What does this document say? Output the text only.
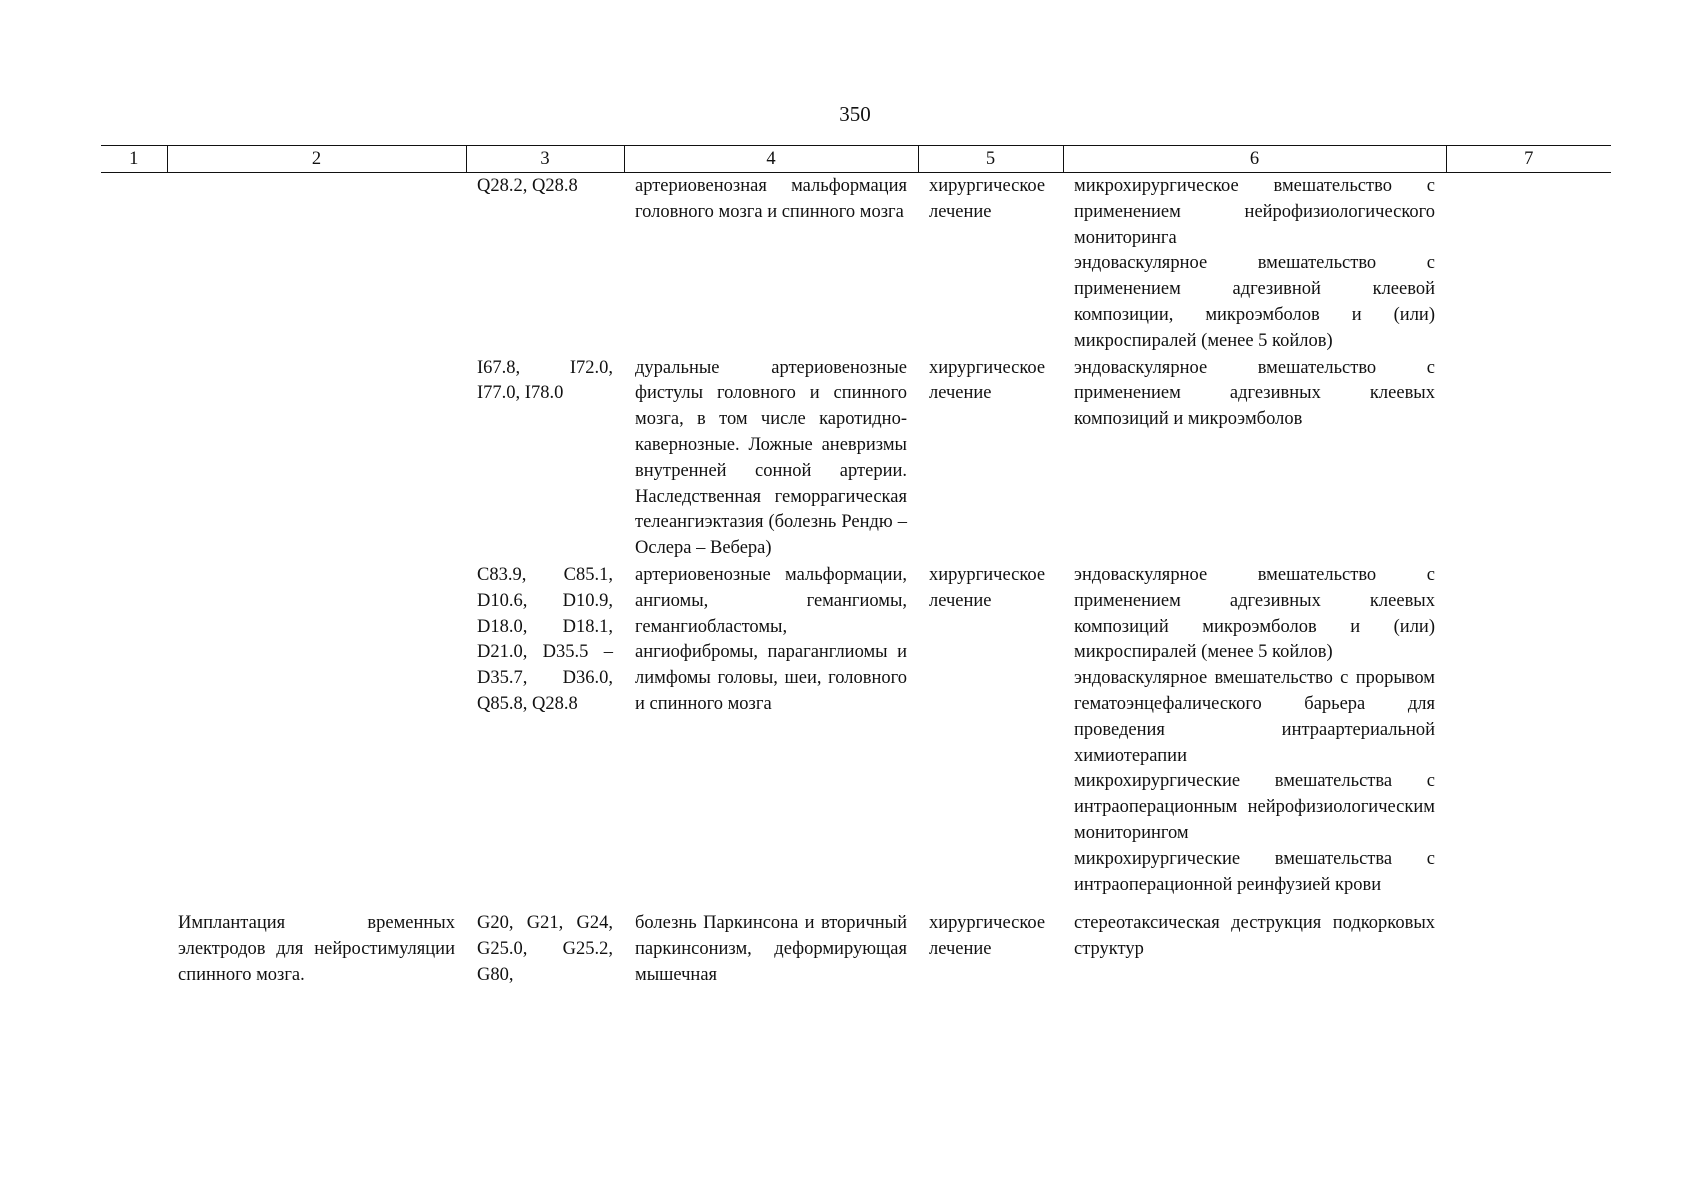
350
1	2	3	4	5	6	7
		Q28.2, Q28.8	артериовенозная мальформация головного мозга и спинного мозга	хирургическое лечение	микрохирургическое вмешательство с применением нейрофизиологического мониторинга
эндоваскулярное вмешательство с применением адгезивной клеевой композиции, микроэмболов и (или) микроспиралей (менее 5 койлов)	

		I67.8, I72.0, I77.0, I78.0	дуральные артериовенозные фистулы головного и спинного мозга, в том числе каротидно-кавернозные. Ложные аневризмы внутренней сонной артерии. Наследственная геморрагическая телеангиэктазия (болезнь Рендю – Ослера – Вебера)	хирургическое лечение	эндоваскулярное вмешательство с применением адгезивных клеевых композиций и микроэмболов	

		C83.9, C85.1, D10.6, D10.9, D18.0, D18.1, D21.0, D35.5 – D35.7, D36.0, Q85.8, Q28.8	артериовенозные мальформации, ангиомы, гемангиомы, гемангиобластомы, ангиофибромы, параганглиомы и лимфомы головы, шеи, головного и спинного мозга	хирургическое лечение	эндоваскулярное вмешательство с применением адгезивных клеевых композиций микроэмболов и (или) микроспиралей (менее 5 койлов)
эндоваскулярное вмешательство с прорывом гематоэнцефалического барьера для проведения интраартериальной химиотерапии
микрохирургические вмешательства с интраоперационным нейрофизиологическим мониторингом
микрохирургические вмешательства с интраоперационной реинфузией крови	

	Имплантация временных электродов для нейростимуляции спинного мозга.	G20, G21, G24, G25.0, G25.2, G80,	болезнь Паркинсона и вторичный паркинсонизм, деформирующая мышечная	хирургическое лечение	стереотаксическая деструкция подкорковых структур	
